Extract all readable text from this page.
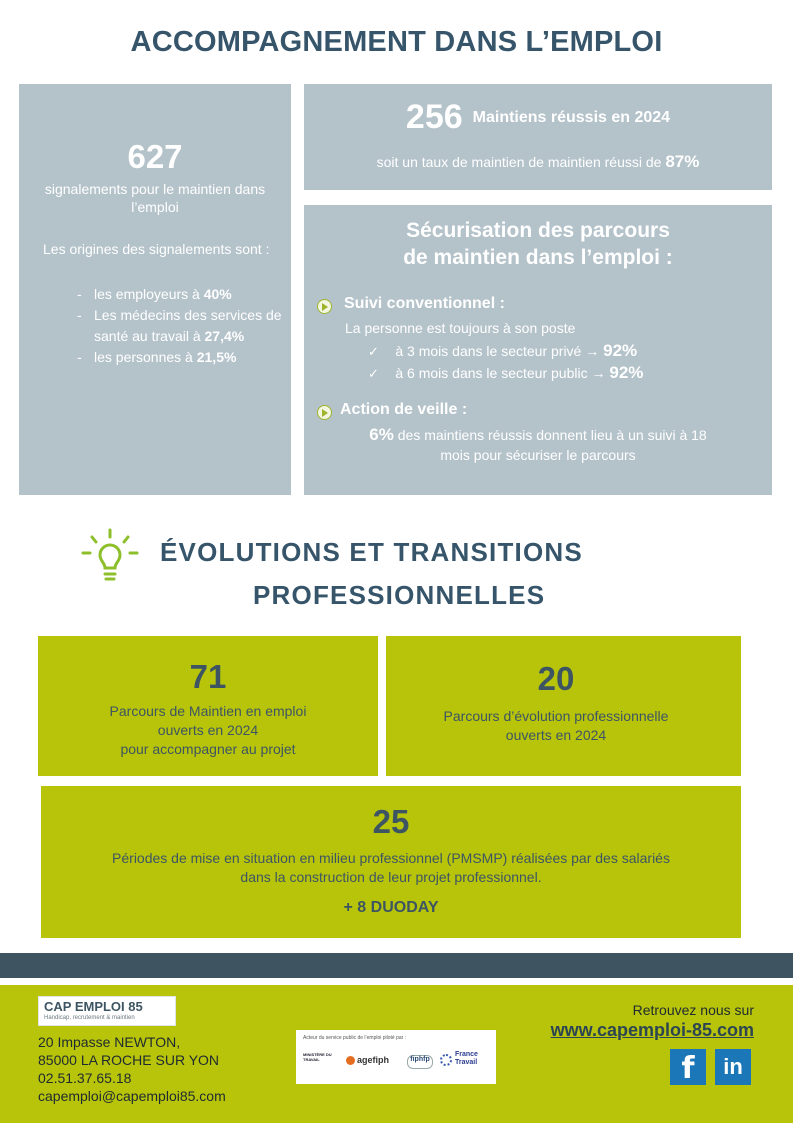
ACCOMPAGNEMENT DANS L’EMPLOI
627
signalements pour le maintien dans l’emploi
Les origines des signalements sont :
- les employeurs à 40%
- Les médecins des services de santé au travail à 27,4%
- les personnes à 21,5%
256 Maintiens réussis en 2024
soit un taux de maintien de maintien réussi de 87%
Sécurisation des parcours
de maintien dans l’emploi :
Suivi conventionnel :
La personne est toujours à son poste
✓ à 3 mois dans le secteur privé → 92%
✓ à 6 mois dans le secteur public → 92%
Action de veille :
6% des maintiens réussis donnent lieu à un suivi à 18
mois pour sécuriser le parcours
ÉVOLUTIONS ET TRANSITIONS
PROFESSIONNELLES
71
Parcours de Maintien en emploi
ouverts en 2024
pour accompagner au projet
20
Parcours d’évolution professionnelle
ouverts en 2024
25
Périodes de mise en situation en milieu professionnel (PMSMP) réalisées par des salariés
dans la construction de leur projet professionnel.
+ 8 DUODAY
CAP EMPLOI 85
Handicap, recrutement & maintien
20 Impasse NEWTON,
85000 LA ROCHE SUR YON
02.51.37.65.18
capemploi@capemploi85.com
Acteur du service public de l’emploi piloté par :
MINISTÈRE DU TRAVAIL	agefiph	fiphfp
France Travail
Retrouvez nous sur
www.capemploi-85.com
f	in
